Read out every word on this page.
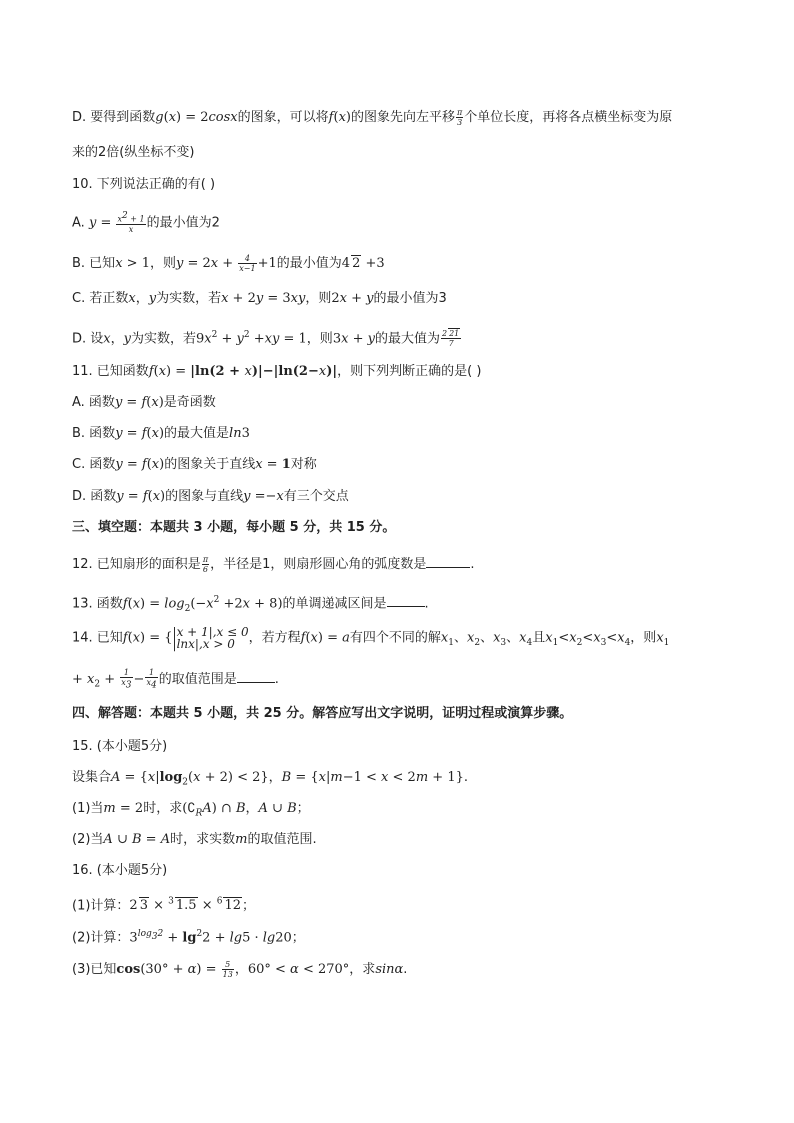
D. 要得到函数g(x) = 2cosx的图象，可以将f(x)的图象先向左平移 $\frac{\pi}{3}$ 个单位长度，再将各点横坐标变为原
来的2倍(纵坐标不变)
10. 下列说法正确的有( )
A. $y = \frac{x^2 + 1}{x}$ 的最小值为2
B. 已知x > 1，则$y = 2x + \frac{4}{x-1} +1$的最小值为4 2 +3
C. 若正数x，y为实数，若x + 2y = 3xy，则2x + y的最小值为3
D. 设x，y为实数，若$9x^2 + y^2 +xy = 1$，则3x + y的最大值为 $\frac{2 21}{7}$
11. 已知函数f(x) = |ln(2 + x)|−|ln(2−x)|，则下列判断正确的是( )
A. 函数y = f(x)是奇函数
B. 函数y = f(x)的最大值是ln3
C. 函数y = f(x)的图象关于直线x = 1对称
D. 函数y = f(x)的图象与直线y =−x有三个交点
三、填空题：本题共 3 小题，每小题 5 分，共 15 分。
12. 已知扇形的面积是 $\frac{\pi}{6}$ ，半径是1，则扇形圆心角的弧度数是	.
13. 函数$f(x) = \log_2(-x^2 +2x + 8)$的单调递减区间是	.
14. 已知f(x) = { |x + 1|,x ≤ 0
|lnx|,x > 0	，若方程f(x) = a有四个不同的解$x_1$、$x_2$、$x_3$、$x_4$且$x_1<x_2<x_3<x_4$，则$x_1$
+ $x_2 + \frac{1}{x_3} - \frac{1}{x_4}$ 的取值范围是	.
四、解答题：本题共 5 小题，共 25 分。解答应写出文字说明，证明过程或演算步骤。
15. (本小题5分)
设集合$A = \{x|\log_2(x + 2) < 2\}$，B = {x|m−1 < x < 2m + 1}.
(1)当m = 2时，求$(∁_RA)$ ∩ B，A ∪ B；
(2)当A ∪ B = A时，求实数m的取值范围.
16. (本小题5分)
(1)计算：2 3 × $^3$ 1.5 × $^6$ 12；
(2)计算：$3^{log_32} + \lg^22 + \lg 5 \cdot \lg 20$；
(3)已知$\cos(30^\circ + \alpha) = \frac{5}{13}$ ，60° < α < 270°，求sinα.
